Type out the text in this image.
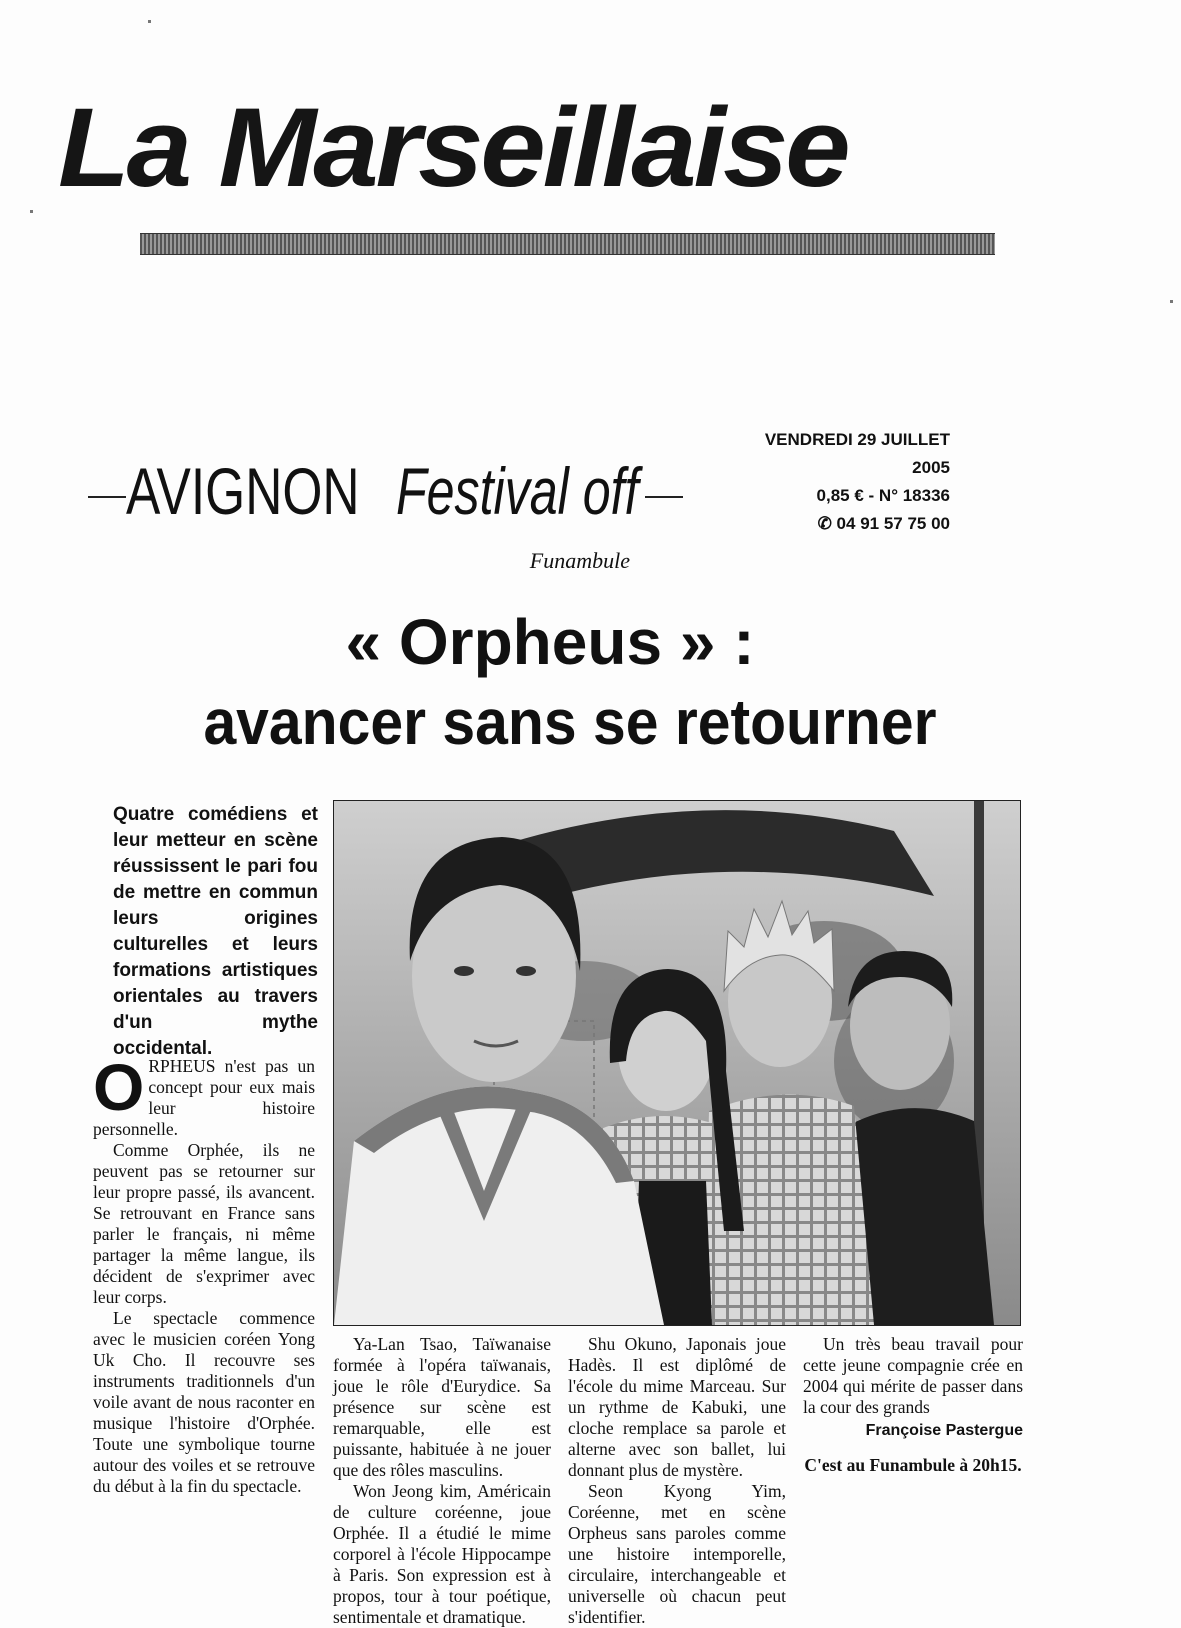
La Marseillaise
VENDREDI 29 JUILLET 2005
0,85 € - N° 18336
✆ 04 91 57 75 00
AVIGNON Festival off
Funambule
« Orpheus » :
avancer sans se retourner
Quatre comédiens et leur metteur en scène réussissent le pari fou de mettre en commun leurs origines culturelles et leurs formations artistiques orientales au travers d'un mythe occidental.

ORPHEUS n'est pas un concept pour eux mais leur histoire personnelle.

Comme Orphée, ils ne peuvent pas se retourner sur leur propre passé, ils avancent. Se retrouvant en France sans parler le français, ni même partager la même langue, ils décident de s'exprimer avec leur corps.

Le spectacle commence avec le musicien coréen Yong Uk Cho. Il recouvre ses instruments traditionnels d'un voile avant de nous raconter en musique l'histoire d'Orphée. Toute une symbolique tourne autour des voiles et se retrouve du début à la fin du spectacle.

Ya-Lan Tsao, Taïwanaise formée à l'opéra taïwanais, joue le rôle d'Eurydice. Sa présence sur scène est remarquable, elle est puissante, habituée à ne jouer que des rôles masculins.

Won Jeong kim, Américain de culture coréenne, joue Orphée. Il a étudié le mime corporel à l'école Hippocampe à Paris. Son expression est à propos, tour à tour poétique, sentimentale et dramatique.

Shu Okuno, Japonais joue Hadès. Il est diplômé de l'école du mime Marceau. Sur un rythme de Kabuki, une cloche remplace sa parole et alterne avec son ballet, lui donnant plus de mystère.

Seon Kyong Yim, Coréenne, met en scène Orpheus sans paroles comme une histoire intemporelle, circulaire, interchangeable et universelle où chacun peut s'identifier.

Un très beau travail pour cette jeune compagnie crée en 2004 qui mérite de passer dans la cour des grands

Françoise Pastergue
C'est au Funambule à 20h15.
